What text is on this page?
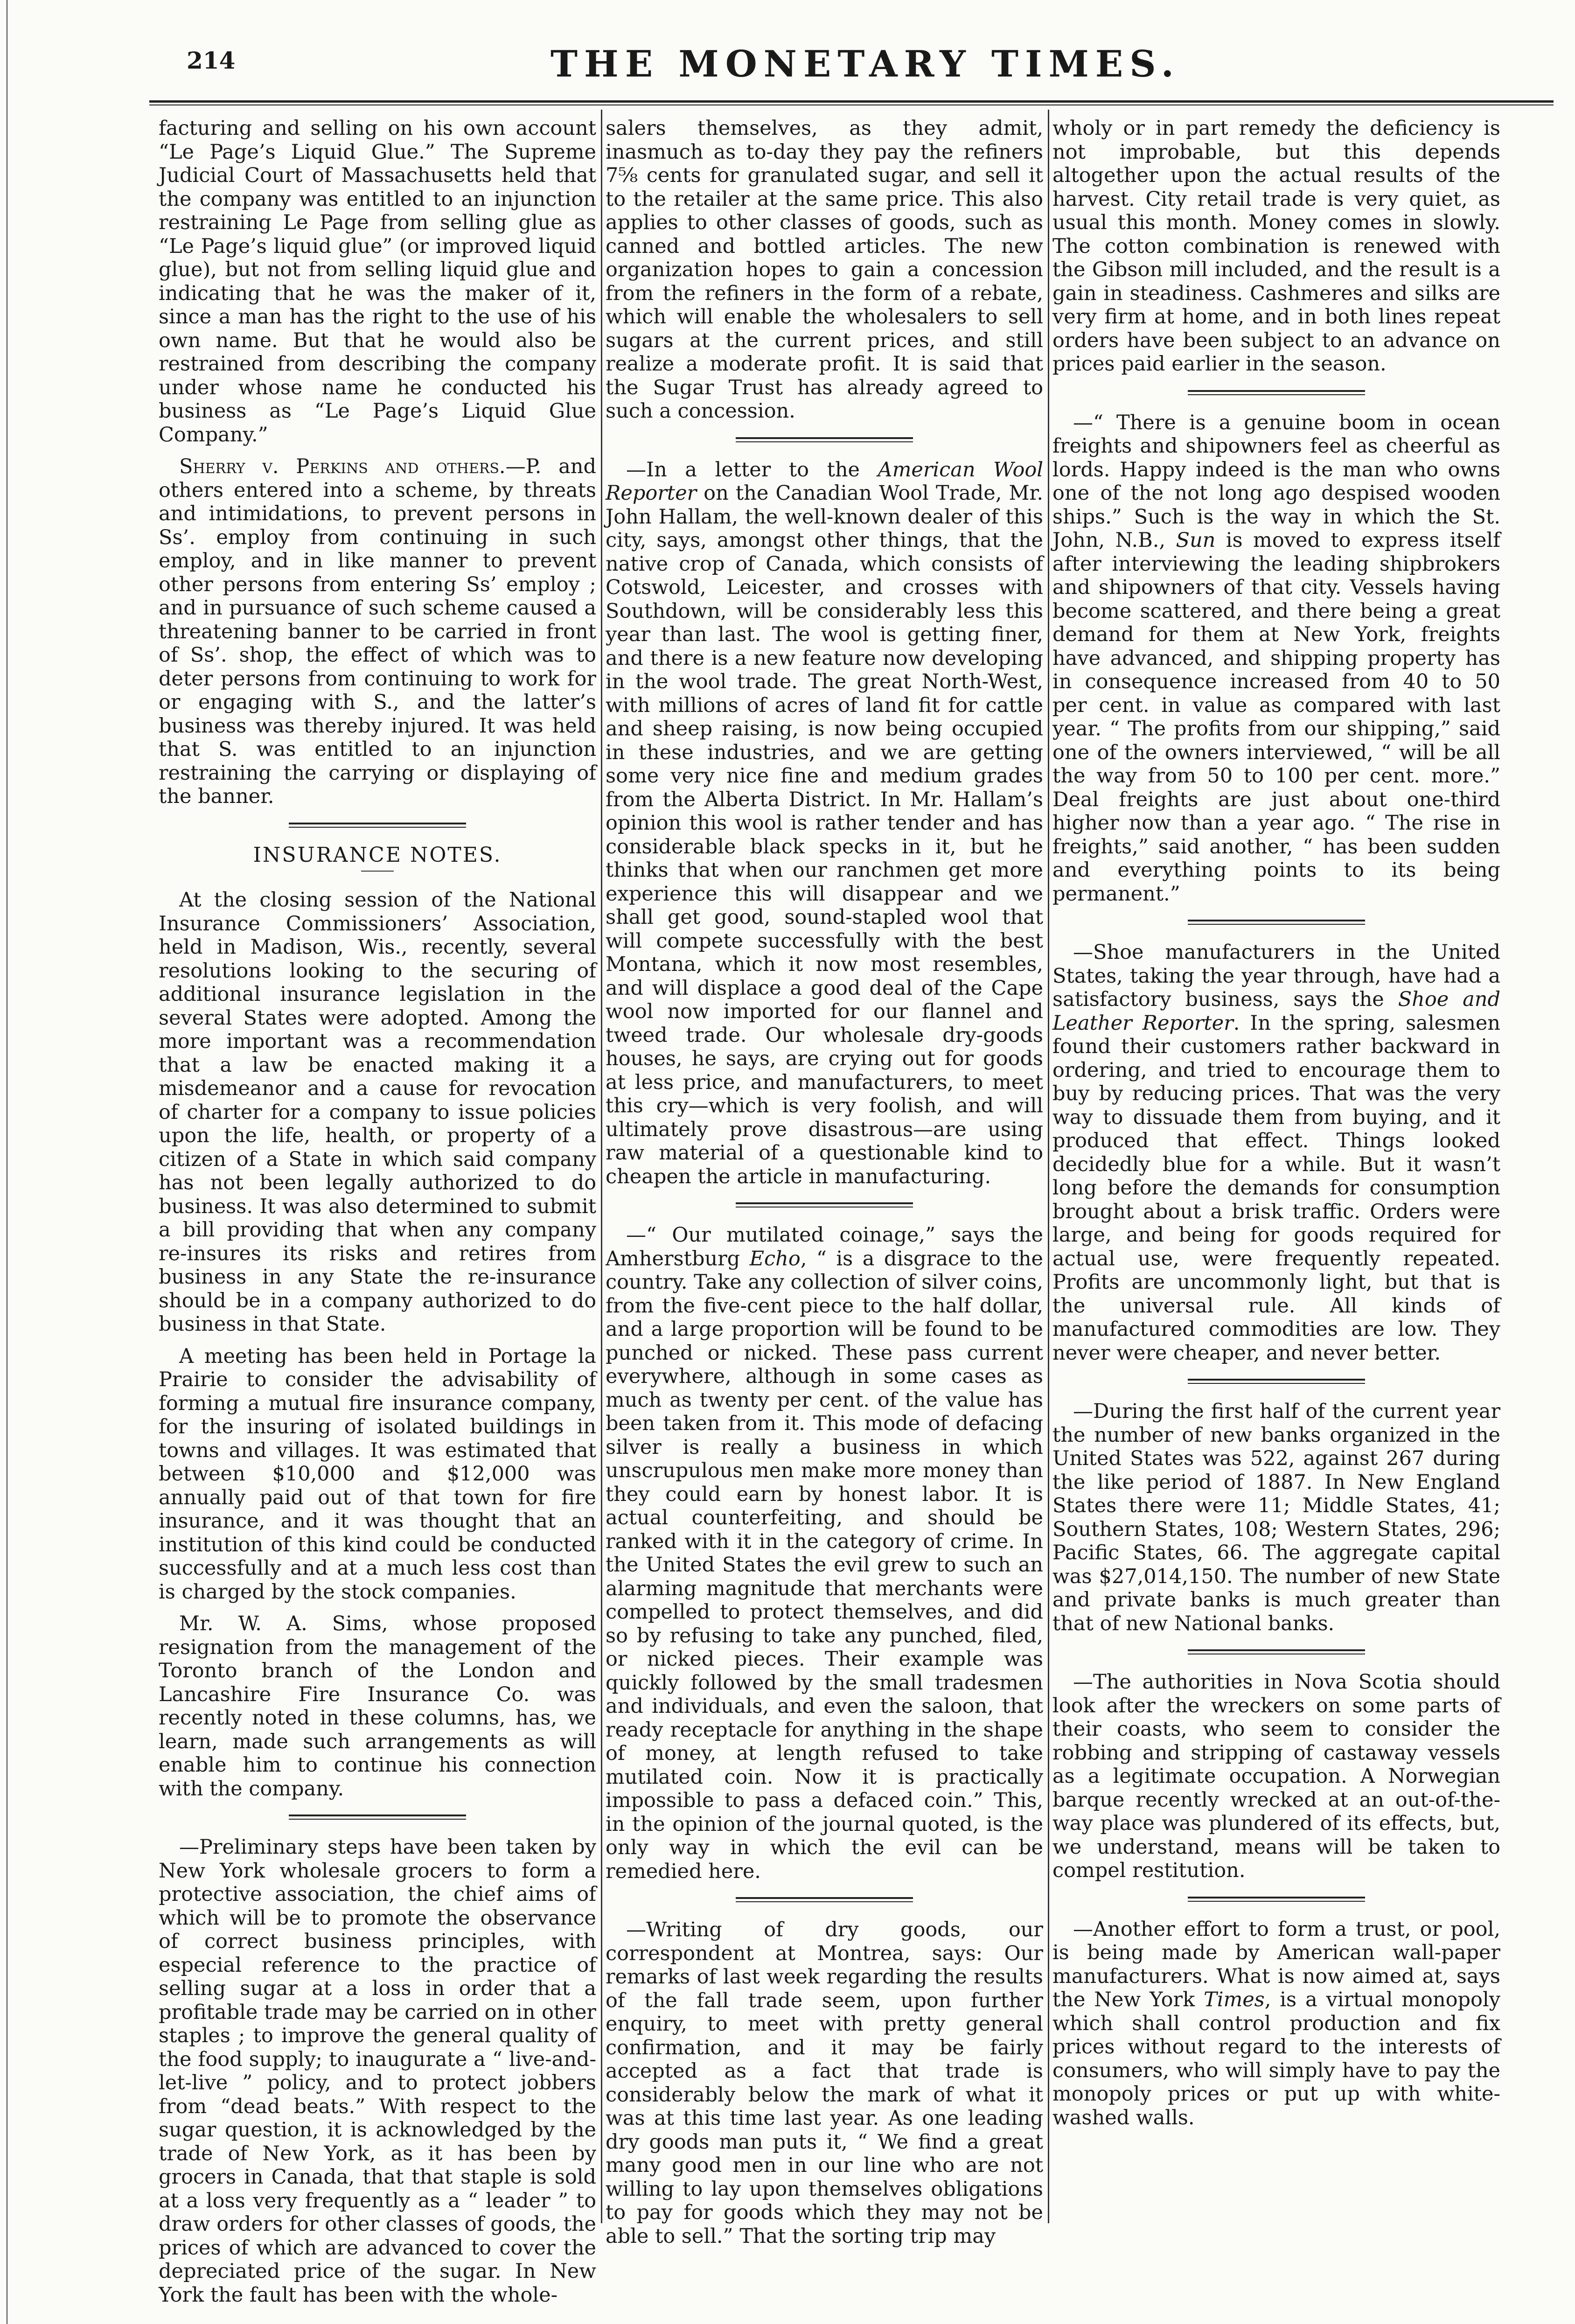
214	THE MONETARY TIMES.

facturing and selling on his own account “Le Page’s Liquid Glue.” The Supreme Judicial Court of Massachusetts held that the company was entitled to an injunction restraining Le Page from selling glue as “Le Page’s liquid glue” (or improved liquid glue), but not from selling liquid glue and indicating that he was the maker of it, since a man has the right to the use of his own name. But that he would also be restrained from describing the company under whose name he conducted his business as “Le Page’s Liquid Glue Company.”

Sherry v. Perkins and others.—P. and others entered into a scheme, by threats and intimidations, to prevent persons in Ss’. employ from continuing in such employ, and in like manner to prevent other persons from entering Ss’ employ ; and in pursuance of such scheme caused a threatening banner to be carried in front of Ss’. shop, the effect of which was to deter persons from continuing to work for or engaging with S., and the latter’s business was thereby injured. It was held that S. was entitled to an injunction restraining the carrying or displaying of the banner.

INSURANCE NOTES.

At the closing session of the National Insurance Commissioners’ Association, held in Madison, Wis., recently, several resolutions looking to the securing of additional insurance legislation in the several States were adopted. Among the more important was a recommendation that a law be enacted making it a misdemeanor and a cause for revocation of charter for a company to issue policies upon the life, health, or property of a citizen of a State in which said company has not been legally authorized to do business. It was also determined to submit a bill providing that when any company re-insures its risks and retires from business in any State the re-insurance should be in a company authorized to do business in that State.

A meeting has been held in Portage la Prairie to consider the advisability of forming a mutual fire insurance company, for the insuring of isolated buildings in towns and villages. It was estimated that between $10,000 and $12,000 was annually paid out of that town for fire insurance, and it was thought that an institution of this kind could be conducted successfully and at a much less cost than is charged by the stock companies.

Mr. W. A. Sims, whose proposed resignation from the management of the Toronto branch of the London and Lancashire Fire Insurance Co. was recently noted in these columns, has, we learn, made such arrangements as will enable him to continue his connection with the company.

—Preliminary steps have been taken by New York wholesale grocers to form a protective association, the chief aims of which will be to promote the observance of correct business principles, with especial reference to the practice of selling sugar at a loss in order that a profitable trade may be carried on in other staples ; to improve the general quality of the food supply; to inaugurate a “ live-and-let-live ” policy, and to protect jobbers from “dead beats.” With respect to the sugar question, it is acknowledged by the trade of New York, as it has been by grocers in Canada, that that staple is sold at a loss very frequently as a “ leader ” to draw orders for other classes of goods, the prices of which are advanced to cover the depreciated price of the sugar. In New York the fault has been with the whole-

salers themselves, as they admit, inasmuch as to-day they pay the refiners 7⅝ cents for granulated sugar, and sell it to the retailer at the same price. This also applies to other classes of goods, such as canned and bottled articles. The new organization hopes to gain a concession from the refiners in the form of a rebate, which will enable the wholesalers to sell sugars at the current prices, and still realize a moderate profit. It is said that the Sugar Trust has already agreed to such a concession.

—In a letter to the American Wool Reporter on the Canadian Wool Trade, Mr. John Hallam, the well-known dealer of this city, says, amongst other things, that the native crop of Canada, which consists of Cotswold, Leicester, and crosses with Southdown, will be considerably less this year than last. The wool is getting finer, and there is a new feature now developing in the wool trade. The great North-West, with millions of acres of land fit for cattle and sheep raising, is now being occupied in these industries, and we are getting some very nice fine and medium grades from the Alberta District. In Mr. Hallam’s opinion this wool is rather tender and has considerable black specks in it, but he thinks that when our ranchmen get more experience this will disappear and we shall get good, sound-stapled wool that will compete successfully with the best Montana, which it now most resembles, and will displace a good deal of the Cape wool now imported for our flannel and tweed trade. Our wholesale dry-goods houses, he says, are crying out for goods at less price, and manufacturers, to meet this cry—which is very foolish, and will ultimately prove disastrous—are using raw material of a questionable kind to cheapen the article in manufacturing.

—“ Our mutilated coinage,” says the Amherstburg Echo, “ is a disgrace to the country. Take any collection of silver coins, from the five-cent piece to the half dollar, and a large proportion will be found to be punched or nicked. These pass current everywhere, although in some cases as much as twenty per cent. of the value has been taken from it. This mode of defacing silver is really a business in which unscrupulous men make more money than they could earn by honest labor. It is actual counterfeiting, and should be ranked with it in the category of crime. In the United States the evil grew to such an alarming magnitude that merchants were compelled to protect themselves, and did so by refusing to take any punched, filed, or nicked pieces. Their example was quickly followed by the small tradesmen and individuals, and even the saloon, that ready receptacle for anything in the shape of money, at length refused to take mutilated coin. Now it is practically impossible to pass a defaced coin.” This, in the opinion of the journal quoted, is the only way in which the evil can be remedied here.

—Writing of dry goods, our correspondent at Montrea, says: Our remarks of last week regarding the results of the fall trade seem, upon further enquiry, to meet with pretty general confirmation, and it may be fairly accepted as a fact that trade is considerably below the mark of what it was at this time last year. As one leading dry goods man puts it, “ We find a great many good men in our line who are not willing to lay upon themselves obligations to pay for goods which they may not be able to sell.” That the sorting trip may

wholy or in part remedy the deficiency is not improbable, but this depends altogether upon the actual results of the harvest. City retail trade is very quiet, as usual this month. Money comes in slowly. The cotton combination is renewed with the Gibson mill included, and the result is a gain in steadiness. Cashmeres and silks are very firm at home, and in both lines repeat orders have been subject to an advance on prices paid earlier in the season.

—“ There is a genuine boom in ocean freights and shipowners feel as cheerful as lords. Happy indeed is the man who owns one of the not long ago despised wooden ships.” Such is the way in which the St. John, N.B., Sun is moved to express itself after interviewing the leading shipbrokers and shipowners of that city. Vessels having become scattered, and there being a great demand for them at New York, freights have advanced, and shipping property has in consequence increased from 40 to 50 per cent. in value as compared with last year. “ The profits from our shipping,” said one of the owners interviewed, “ will be all the way from 50 to 100 per cent. more.” Deal freights are just about one-third higher now than a year ago. “ The rise in freights,” said another, “ has been sudden and everything points to its being permanent.”

—Shoe manufacturers in the United States, taking the year through, have had a satisfactory business, says the Shoe and Leather Reporter. In the spring, salesmen found their customers rather backward in ordering, and tried to encourage them to buy by reducing prices. That was the very way to dissuade them from buying, and it produced that effect. Things looked decidedly blue for a while. But it wasn’t long before the demands for consumption brought about a brisk traffic. Orders were large, and being for goods required for actual use, were frequently repeated. Profits are uncommonly light, but that is the universal rule. All kinds of manufactured commodities are low. They never were cheaper, and never better.

—During the first half of the current year the number of new banks organized in the United States was 522, against 267 during the like period of 1887. In New England States there were 11; Middle States, 41; Southern States, 108; Western States, 296; Pacific States, 66. The aggregate capital was $27,014,150. The number of new State and private banks is much greater than that of new National banks.

—The authorities in Nova Scotia should look after the wreckers on some parts of their coasts, who seem to consider the robbing and stripping of castaway vessels as a legitimate occupation. A Norwegian barque recently wrecked at an out-of-the-way place was plundered of its effects, but, we understand, means will be taken to compel restitution.

—Another effort to form a trust, or pool, is being made by American wall-paper manufacturers. What is now aimed at, says the New York Times, is a virtual monopoly which shall control production and fix prices without regard to the interests of consumers, who will simply have to pay the monopoly prices or put up with white-washed walls.
